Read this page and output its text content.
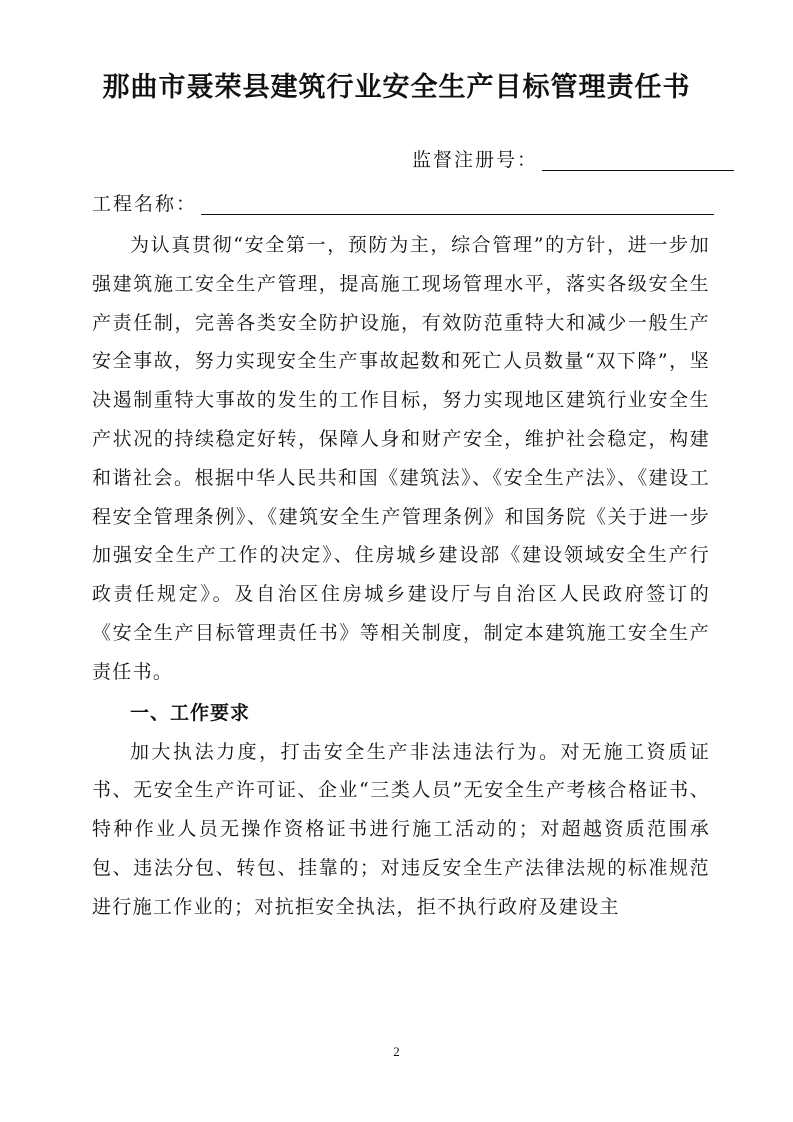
那曲市聂荣县建筑行业安全生产目标管理责任书
监督注册号：
工程名称：

为认真贯彻“安全第一，预防为主，综合管理”的方针，进一步加强建筑施工安全生产管理，提高施工现场管理水平，落实各级安全生产责任制，完善各类安全防护设施，有效防范重特大和减少一般生产安全事故，努力实现安全生产事故起数和死亡人员数量“双下降”，坚决遏制重特大事故的发生的工作目标，努力实现地区建筑行业安全生产状况的持续稳定好转，保障人身和财产安全，维护社会稳定，构建和谐社会。根据中华人民共和国《建筑法》、《安全生产法》、《建设工程安全管理条例》、《建筑安全生产管理条例》和国务院《关于进一步加强安全生产工作的决定》、住房城乡建设部《建设领域安全生产行政责任规定》。及自治区住房城乡建设厅与自治区人民政府签订的《安全生产目标管理责任书》等相关制度，制定本建筑施工安全生产责任书。

一、工作要求

加大执法力度，打击安全生产非法违法行为。对无施工资质证书、无安全生产许可证、企业“三类人员”无安全生产考核合格证书、特种作业人员无操作资格证书进行施工活动的；对超越资质范围承包、违法分包、转包、挂靠的；对违反安全生产法律法规的标准规范进行施工作业的；对抗拒安全执法，拒不执行政府及建设主

2
